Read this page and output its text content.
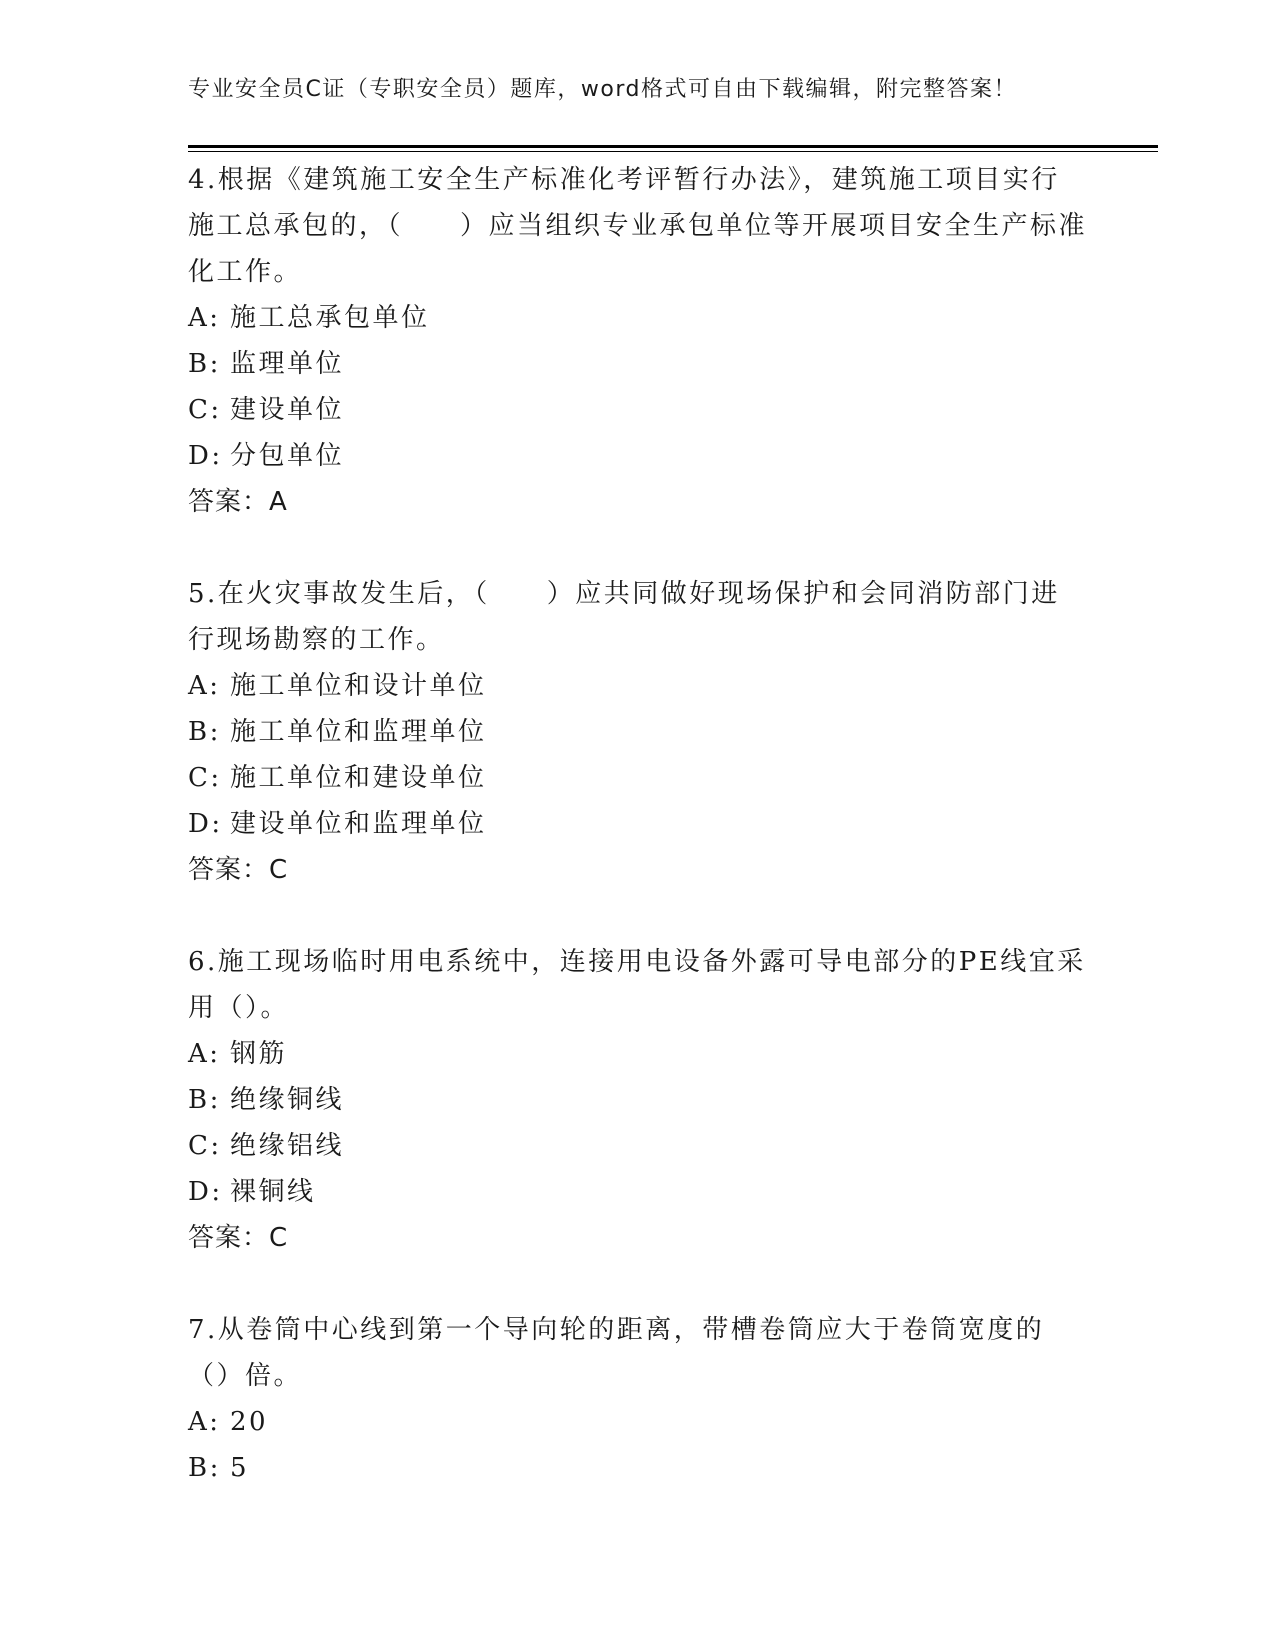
专业安全员C证（专职安全员）题库，word格式可自由下载编辑，附完整答案！

4.根据《建筑施工安全生产标准化考评暂行办法》，建筑施工项目实行施工总承包的，（　　）应当组织专业承包单位等开展项目安全生产标准化工作。

A: 施工总承包单位
B: 监理单位
C: 建设单位
D: 分包单位
答案：A

5.在火灾事故发生后，（　　）应共同做好现场保护和会同消防部门进行现场勘察的工作。

A: 施工单位和设计单位
B: 施工单位和监理单位
C: 施工单位和建设单位
D: 建设单位和监理单位
答案：C

6.施工现场临时用电系统中，连接用电设备外露可导电部分的PE线宜采用（）。

A: 钢筋
B: 绝缘铜线
C: 绝缘铝线
D: 裸铜线
答案：C

7.从卷筒中心线到第一个导向轮的距离，带槽卷筒应大于卷筒宽度的（）倍。

A: 20
B: 5
